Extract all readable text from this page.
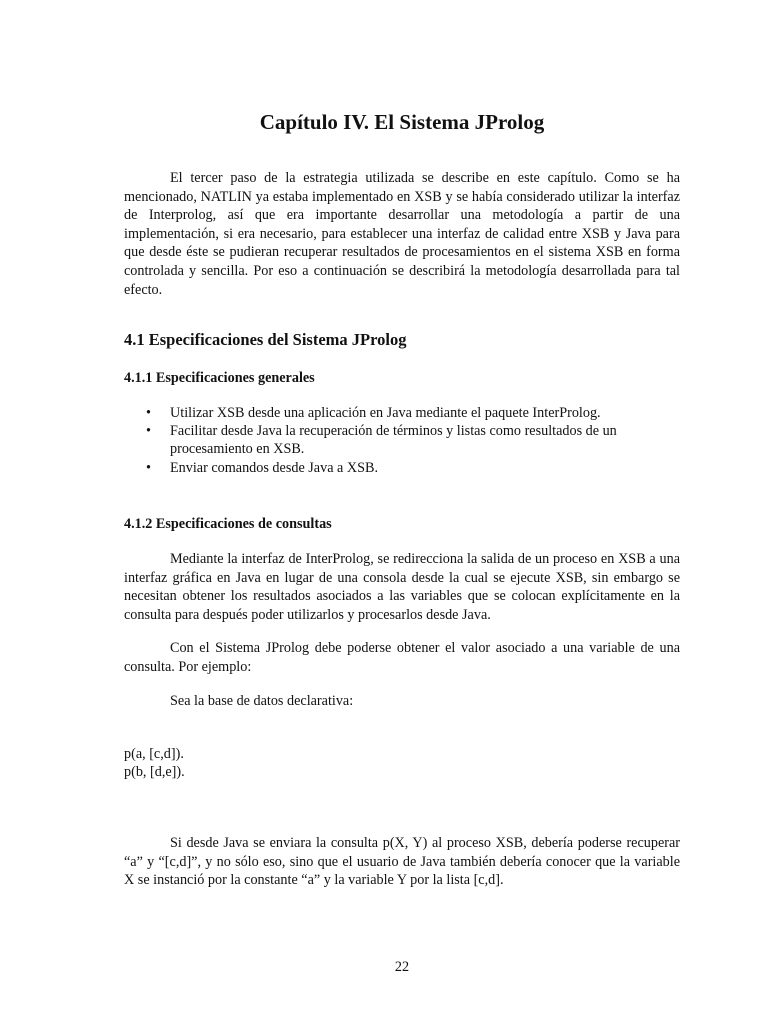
Capítulo IV. El Sistema JProlog

El tercer paso de la estrategia utilizada se describe en este capítulo. Como se ha mencionado, NATLIN ya estaba implementado en XSB y se había considerado utilizar la interfaz de Interprolog, así que era importante desarrollar una metodología a partir de una implementación, si era necesario, para establecer una interfaz de calidad entre XSB y Java para que desde éste se pudieran recuperar resultados de procesamientos en el sistema XSB en forma controlada y sencilla. Por eso a continuación se describirá la metodología desarrollada para tal efecto.

4.1 Especificaciones del Sistema JProlog
4.1.1 Especificaciones generales
• Utilizar XSB desde una aplicación en Java mediante el paquete InterProlog.
• Facilitar desde Java la recuperación de términos y listas como resultados de un procesamiento en XSB.
• Enviar comandos desde Java a XSB.
4.1.2 Especificaciones de consultas

Mediante la interfaz de InterProlog, se redirecciona la salida de un proceso en XSB a una interfaz gráfica en Java en lugar de una consola desde la cual se ejecute XSB, sin embargo se necesitan obtener los resultados asociados a las variables que se colocan explícitamente en la consulta para después poder utilizarlos y procesarlos desde Java.

Con el Sistema JProlog debe poderse obtener el valor asociado a una variable de una consulta. Por ejemplo:

Sea la base de datos declarativa:

p(a, [c,d]).
p(b, [d,e]).

Si desde Java se enviara la consulta p(X, Y) al proceso XSB, debería poderse recuperar “a” y “[c,d]”, y no sólo eso, sino que el usuario de Java también debería conocer que la variable X se instanció por la constante “a” y la variable Y por la lista [c,d].

22
